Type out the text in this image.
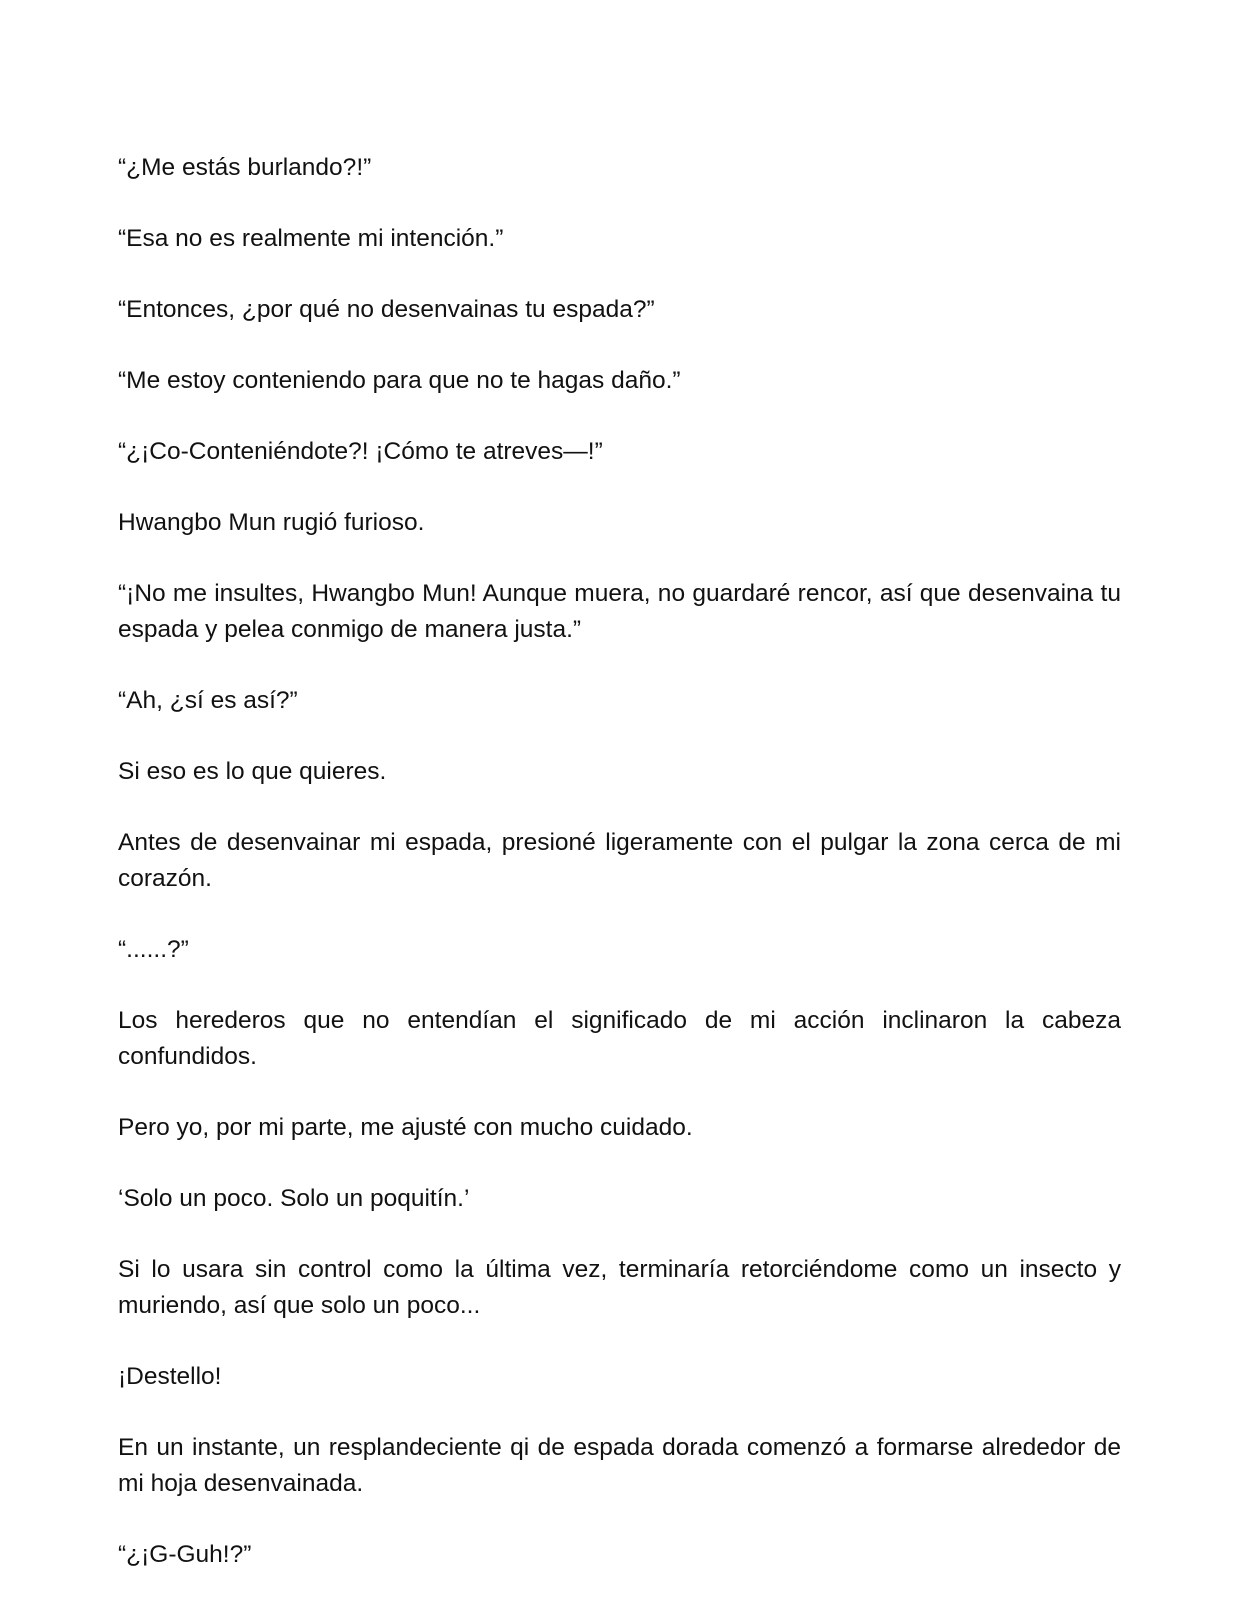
“¿Me estás burlando?!”

“Esa no es realmente mi intención.”

“Entonces, ¿por qué no desenvainas tu espada?”

“Me estoy conteniendo para que no te hagas daño.”

“¿¡Co-Conteniéndote?! ¡Cómo te atreves—!”

Hwangbo Mun rugió furioso.

“¡No me insultes, Hwangbo Mun! Aunque muera, no guardaré rencor, así que desenvaina tu espada y pelea conmigo de manera justa.”

“Ah, ¿sí es así?”

Si eso es lo que quieres.

Antes de desenvainar mi espada, presioné ligeramente con el pulgar la zona cerca de mi corazón.

“......?”

Los herederos que no entendían el significado de mi acción inclinaron la cabeza confundidos.

Pero yo, por mi parte, me ajusté con mucho cuidado.

‘Solo un poco. Solo un poquitín.’

Si lo usara sin control como la última vez, terminaría retorciéndome como un insecto y muriendo, así que solo un poco...

¡Destello!

En un instante, un resplandeciente qi de espada dorada comenzó a formarse alrededor de mi hoja desenvainada.

“¿¡G-Guh!?”
